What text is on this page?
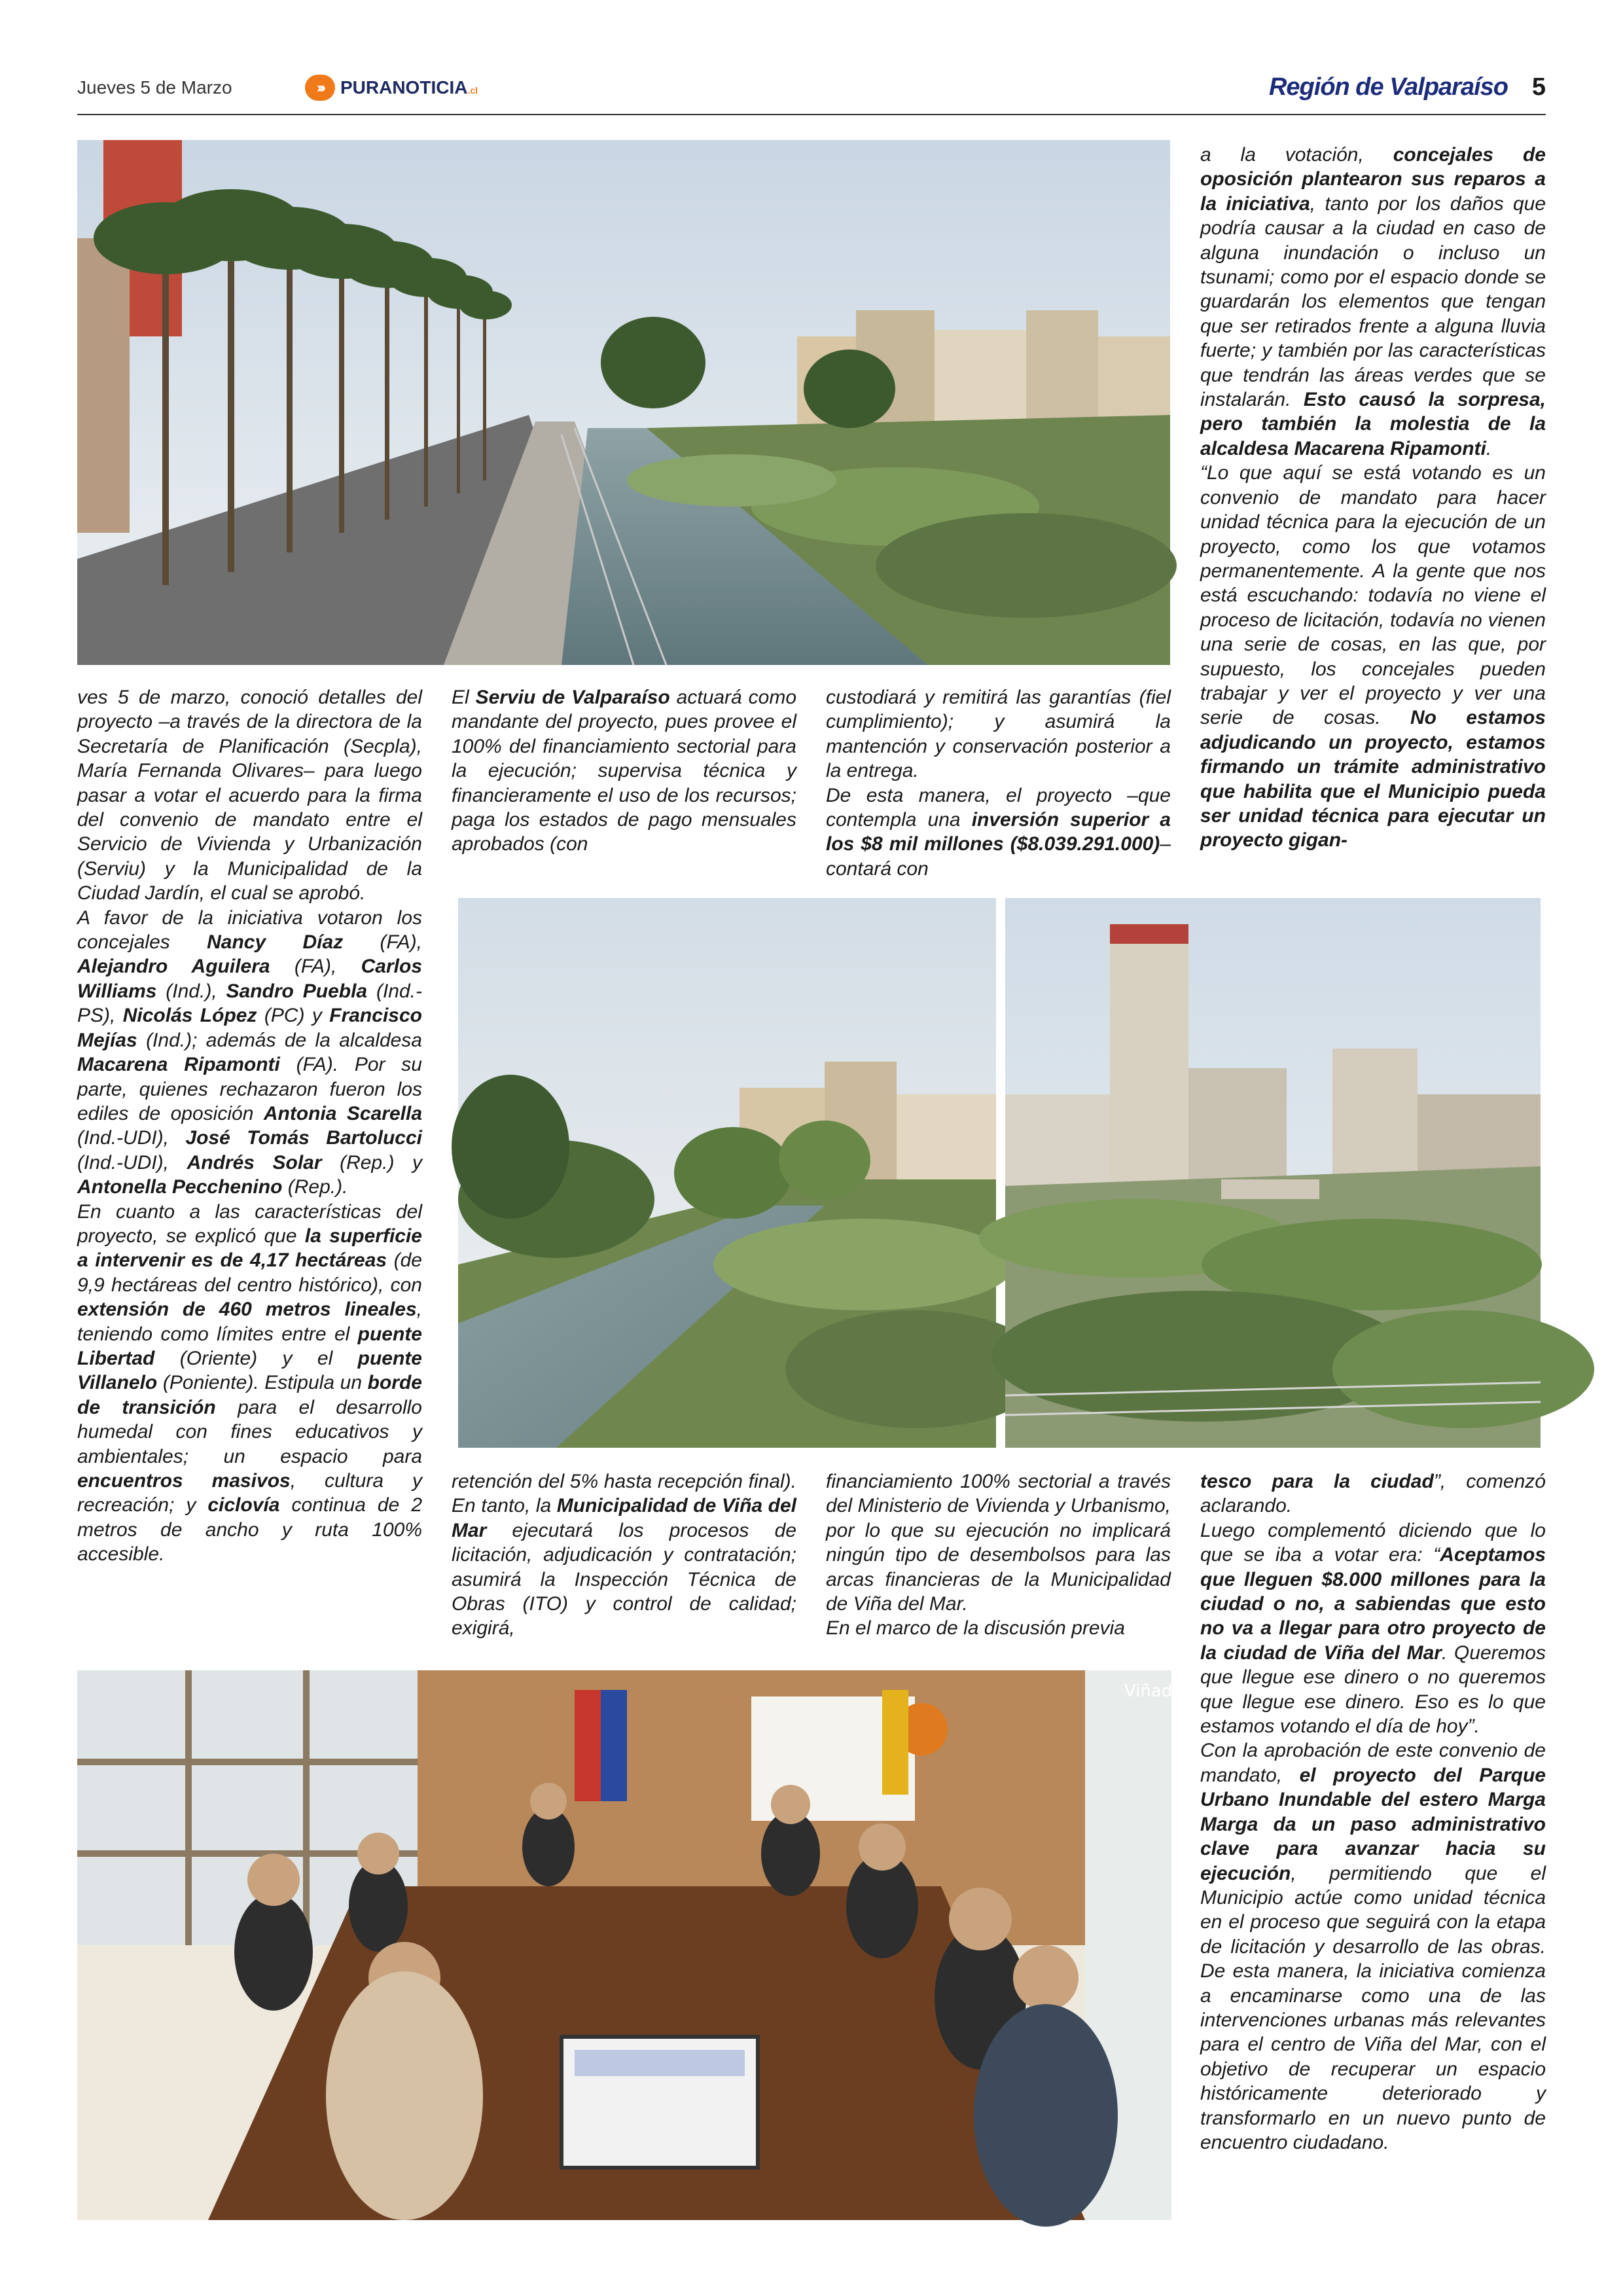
Jueves 5 de Marzo	››› PURANOTICIA.cl	Región de Valparaíso 5

ves 5 de marzo, conoció detalles del proyecto –a través de la directora de la Secretaría de Planificación (Secpla), María Fernanda Olivares– para luego pasar a votar el acuerdo para la firma del convenio de mandato entre el Servicio de Vivienda y Urbanización (Serviu) y la Municipalidad de la Ciudad Jardín, el cual se aprobó.

A favor de la iniciativa votaron los concejales Nancy Díaz (FA), Alejandro Aguilera (FA), Carlos Williams (Ind.), Sandro Puebla (Ind.-PS), Nicolás López (PC) y Francisco Mejías (Ind.); además de la alcaldesa Macarena Ripamonti (FA). Por su parte, quienes rechazaron fueron los ediles de oposición Antonia Scarella (Ind.-UDI), José Tomás Bartolucci (Ind.-UDI), Andrés Solar (Rep.) y Antonella Pecchenino (Rep.).

En cuanto a las características del proyecto, se explicó que la superficie a intervenir es de 4,17 hectáreas (de 9,9 hectáreas del centro histórico), con extensión de 460 metros lineales, teniendo como límites entre el puente Libertad (Oriente) y el puente Villanelo (Poniente). Estipula un borde de transición para el desarrollo humedal con fines educativos y ambientales; un espacio para encuentros masivos, cultura y recreación; y ciclovía continua de 2 metros de ancho y ruta 100% accesible.

El Serviu de Valparaíso actuará como mandante del proyecto, pues provee el 100% del financiamiento sectorial para la ejecución; supervisa técnica y financieramente el uso de los recursos; paga los estados de pago mensuales aprobados (con

custodiará y remitirá las garantías (fiel cumplimiento); y asumirá la mantención y conservación posterior a la entrega.

De esta manera, el proyecto –que contempla una inversión superior a los $8 mil millones ($8.039.291.000)– contará con

a la votación, concejales de oposición plantearon sus reparos a la iniciativa, tanto por los daños que podría causar a la ciudad en caso de alguna inundación o incluso un tsunami; como por el espacio donde se guardarán los elementos que tengan que ser retirados frente a alguna lluvia fuerte; y también por las características que tendrán las áreas verdes que se instalarán. Esto causó la sorpresa, pero también la molestia de la alcaldesa Macarena Ripamonti.

“Lo que aquí se está votando es un convenio de mandato para hacer unidad técnica para la ejecución de un proyecto, como los que votamos permanentemente. A la gente que nos está escuchando: todavía no viene el proceso de licitación, todavía no vienen una serie de cosas, en las que, por supuesto, los concejales pueden trabajar y ver el proyecto y ver una serie de cosas. No estamos adjudicando un proyecto, estamos firmando un trámite administrativo que habilita que el Municipio pueda ser unidad técnica para ejecutar un proyecto gigan-

retención del 5% hasta recepción final). En tanto, la Municipalidad de Viña del Mar ejecutará los procesos de licitación, adjudicación y contratación; asumirá la Inspección Técnica de Obras (ITO) y control de calidad; exigirá,

financiamiento 100% sectorial a través del Ministerio de Vivienda y Urbanismo, por lo que su ejecución no implicará ningún tipo de desembolsos para las arcas financieras de la Municipalidad de Viña del Mar.

En el marco de la discusión previa

tesco para la ciudad”, comenzó aclarando.

Luego complementó diciendo que lo que se iba a votar era: “Aceptamos que lleguen $8.000 millones para la ciudad o no, a sabiendas que esto no va a llegar para otro proyecto de la ciudad de Viña del Mar. Queremos que llegue ese dinero o no queremos que llegue ese dinero. Eso es lo que estamos votando el día de hoy”.

Con la aprobación de este convenio de mandato, el proyecto del Parque Urbano Inundable del estero Marga Marga da un paso administrativo clave para avanzar hacia su ejecución, permitiendo que el Municipio actúe como unidad técnica en el proceso que seguirá con la etapa de licitación y desarrollo de las obras. De esta manera, la iniciativa comienza a encaminarse como una de las intervenciones urbanas más relevantes para el centro de Viña del Mar, con el objetivo de recuperar un espacio históricamente deteriorado y transformarlo en un nuevo punto de encuentro ciudadano.

ViñadelMar
